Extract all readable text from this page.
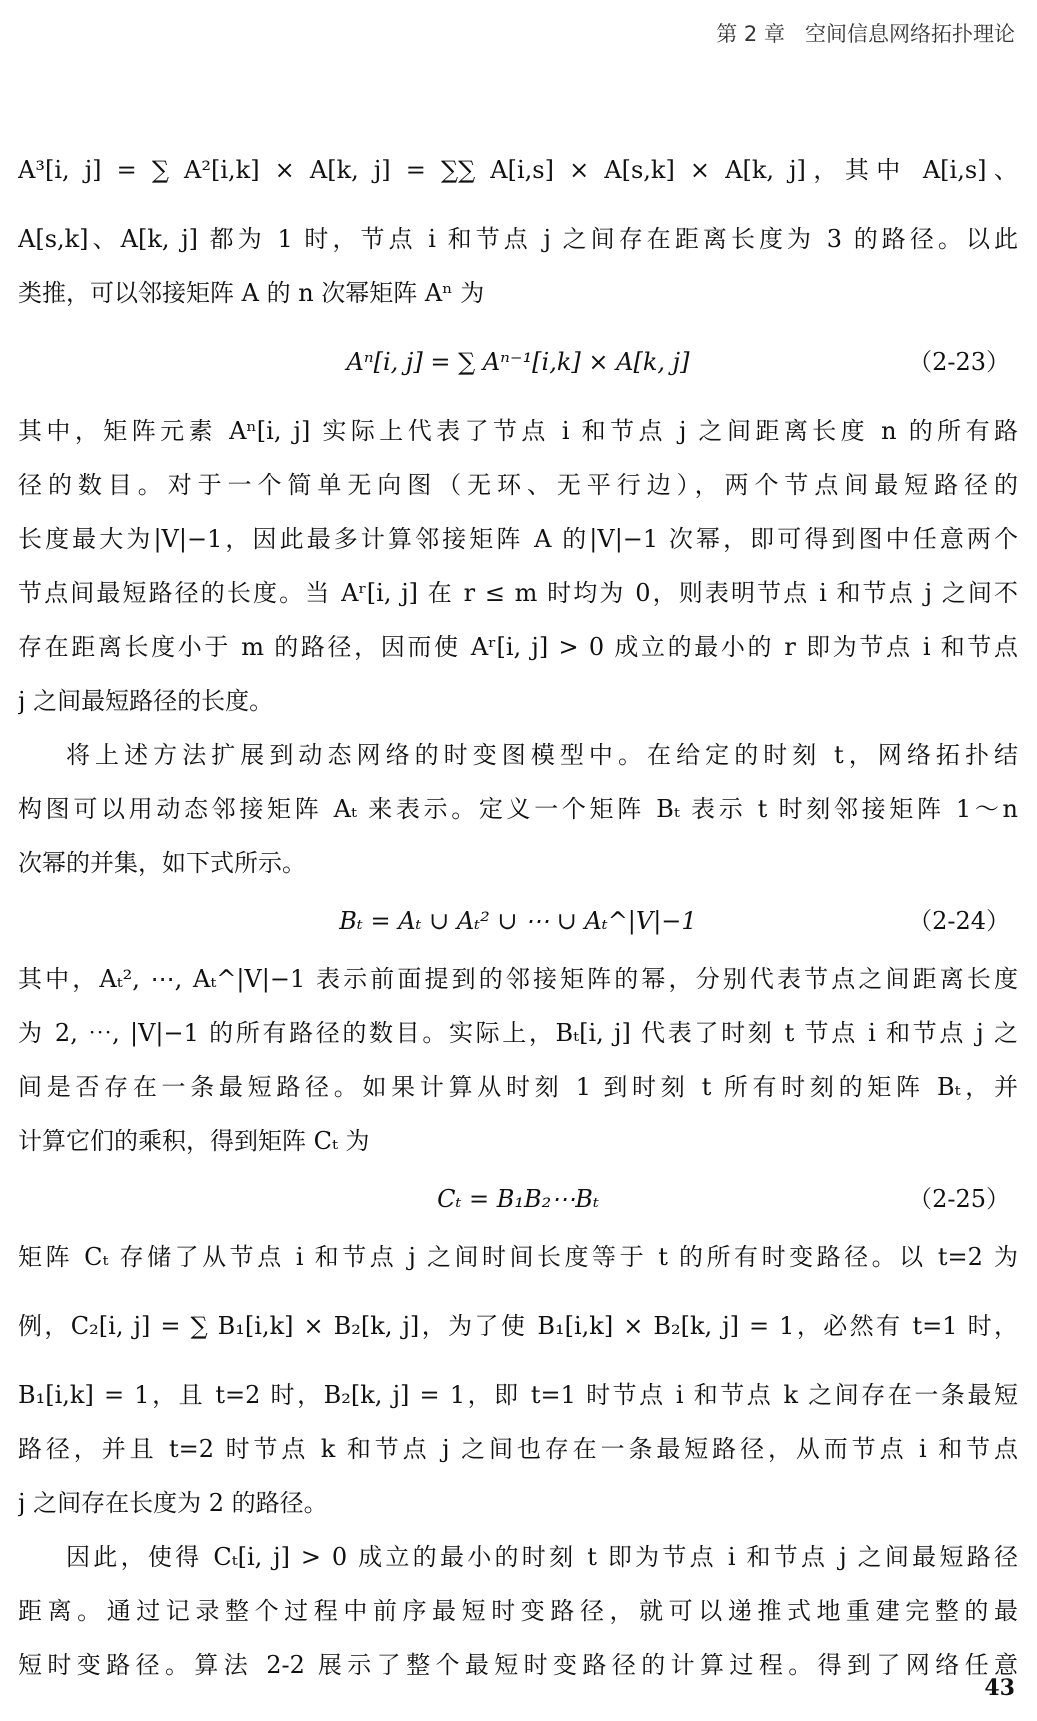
第 2 章 空间信息网络拓扑理论
A³[i, j] = ∑ A²[i,k] × A[k, j] = ∑∑ A[i,s] × A[s,k] × A[k, j]，其中 A[i,s]、
A[s,k]、A[k, j] 都为 1 时，节点 i 和节点 j 之间存在距离长度为 3 的路径。以此
类推，可以邻接矩阵 A 的 n 次幂矩阵 Aⁿ 为
Aⁿ[i, j] = ∑ Aⁿ⁻¹[i,k] × A[k, j]	（2-23）
其中，矩阵元素 Aⁿ[i, j] 实际上代表了节点 i 和节点 j 之间距离长度 n 的所有路
径的数目。对于一个简单无向图（无环、无平行边），两个节点间最短路径的
长度最大为|V|−1，因此最多计算邻接矩阵 A 的|V|−1 次幂，即可得到图中任意两个
节点间最短路径的长度。当 Aʳ[i, j] 在 r ≤ m 时均为 0，则表明节点 i 和节点 j 之间不
存在距离长度小于 m 的路径，因而使 Aʳ[i, j] > 0 成立的最小的 r 即为节点 i 和节点
j 之间最短路径的长度。
将上述方法扩展到动态网络的时变图模型中。在给定的时刻 t，网络拓扑结
构图可以用动态邻接矩阵 Aₜ 来表示。定义一个矩阵 Bₜ 表示 t 时刻邻接矩阵 1～n
次幂的并集，如下式所示。
Bₜ = Aₜ ∪ Aₜ² ∪ ⋯ ∪ Aₜ^|V|−1	（2-24）
其中，Aₜ², ⋯, Aₜ^|V|−1 表示前面提到的邻接矩阵的幂，分别代表节点之间距离长度
为 2, ⋯, |V|−1 的所有路径的数目。实际上，Bₜ[i, j] 代表了时刻 t 节点 i 和节点 j 之
间是否存在一条最短路径。如果计算从时刻 1 到时刻 t 所有时刻的矩阵 Bₜ，并
计算它们的乘积，得到矩阵 Cₜ 为
Cₜ = B₁B₂⋯Bₜ	（2-25）
矩阵 Cₜ 存储了从节点 i 和节点 j 之间时间长度等于 t 的所有时变路径。以 t=2 为
例，C₂[i, j] = ∑ B₁[i,k] × B₂[k, j]，为了使 B₁[i,k] × B₂[k, j] = 1，必然有 t=1 时，
B₁[i,k] = 1，且 t=2 时，B₂[k, j] = 1，即 t=1 时节点 i 和节点 k 之间存在一条最短
路径，并且 t=2 时节点 k 和节点 j 之间也存在一条最短路径，从而节点 i 和节点
j 之间存在长度为 2 的路径。
因此，使得 Cₜ[i, j] > 0 成立的最小的时刻 t 即为节点 i 和节点 j 之间最短路径
距离。通过记录整个过程中前序最短时变路径，就可以递推式地重建完整的最
短时变路径。算法 2-2 展示了整个最短时变路径的计算过程。得到了网络任意
43
